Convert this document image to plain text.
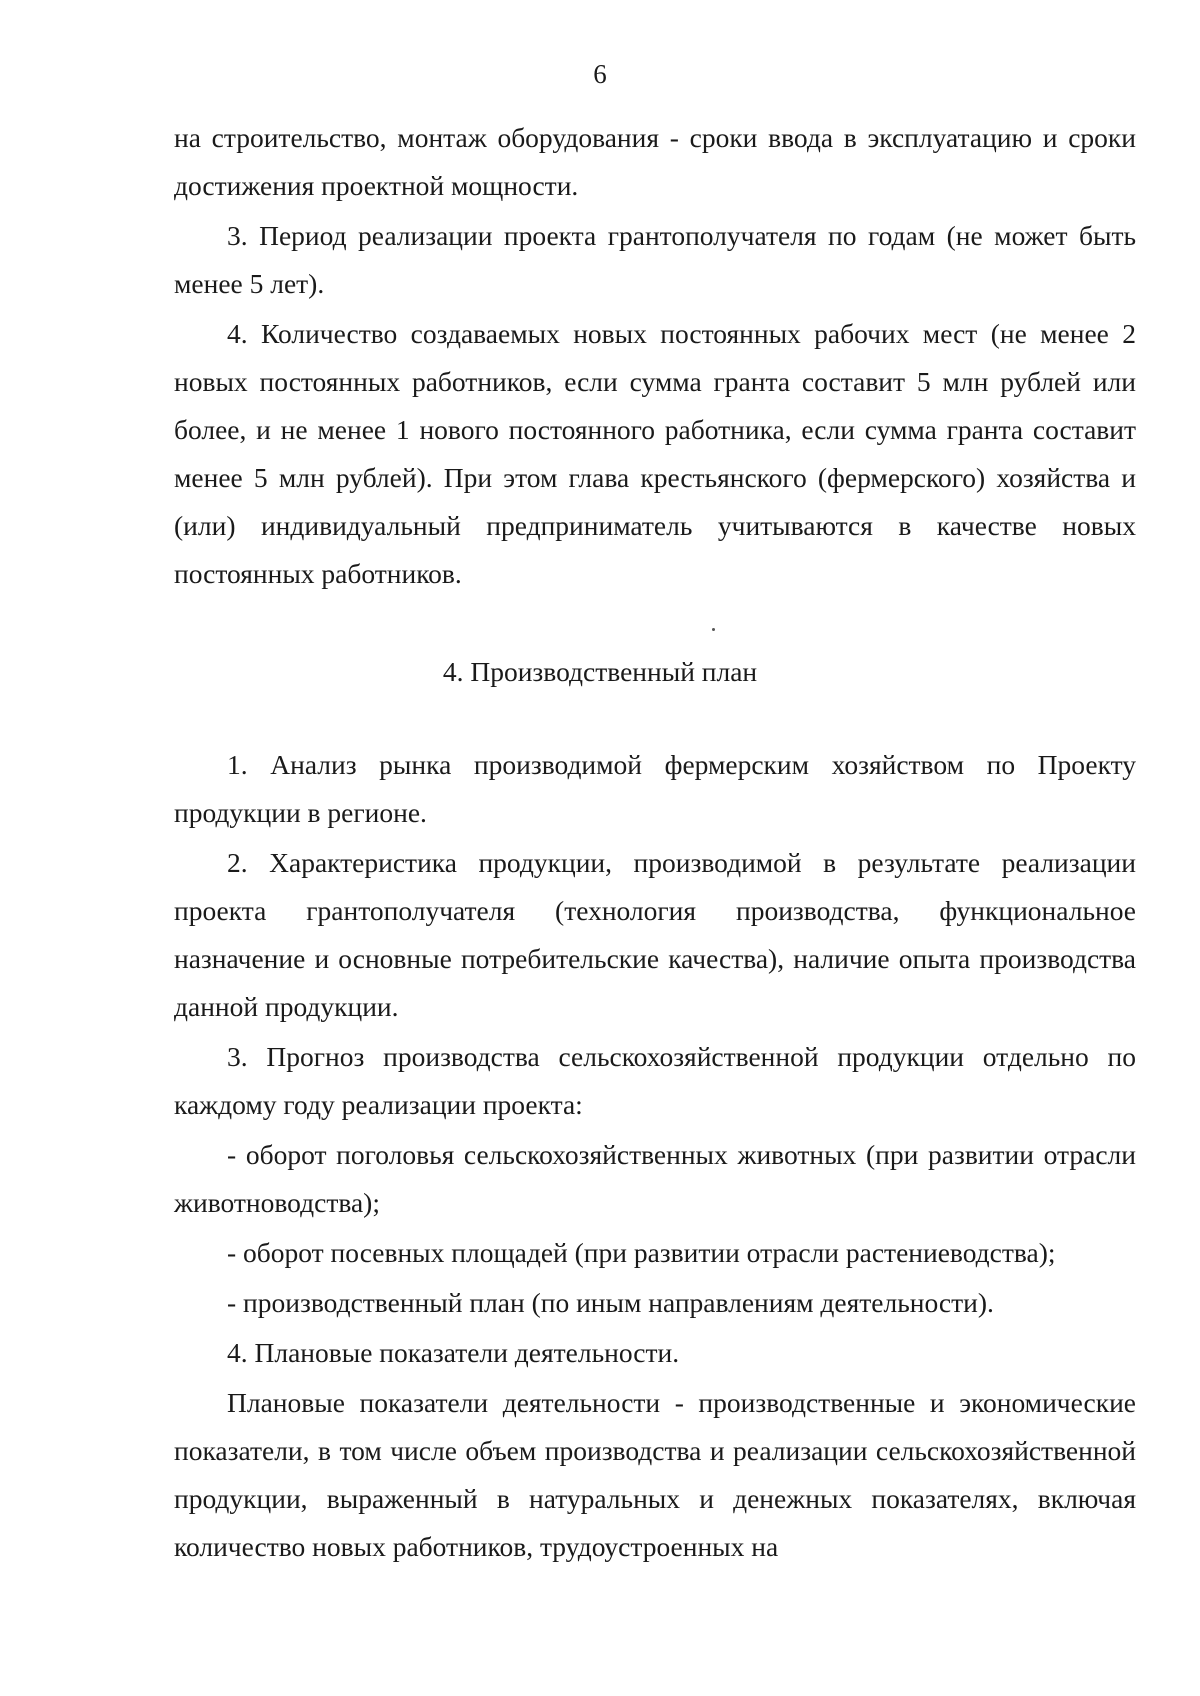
6

на строительство, монтаж оборудования - сроки ввода в эксплуатацию и сроки достижения проектной мощности.

3. Период реализации проекта грантополучателя по годам (не может быть менее 5 лет).

4. Количество создаваемых новых постоянных рабочих мест (не менее 2 новых постоянных работников, если сумма гранта составит 5 млн рублей или более, и не менее 1 нового постоянного работника, если сумма гранта составит менее 5 млн рублей). При этом глава крестьянского (фермерского) хозяйства и (или) индивидуальный предприниматель учитываются в качестве новых постоянных работников.

4. Производственный план

1. Анализ рынка производимой фермерским хозяйством по Проекту продукции в регионе.

2. Характеристика продукции, производимой в результате реализации проекта грантополучателя (технология производства, функциональное назначение и основные потребительские качества), наличие опыта производства данной продукции.

3. Прогноз производства сельскохозяйственной продукции отдельно по каждому году реализации проекта:

- оборот поголовья сельскохозяйственных животных (при развитии отрасли животноводства);

- оборот посевных площадей (при развитии отрасли растениеводства);

- производственный план (по иным направлениям деятельности).

4. Плановые показатели деятельности.

Плановые показатели деятельности - производственные и экономические показатели, в том числе объем производства и реализации сельскохозяйственной продукции, выраженный в натуральных и денежных показателях, включая количество новых работников, трудоустроенных на
